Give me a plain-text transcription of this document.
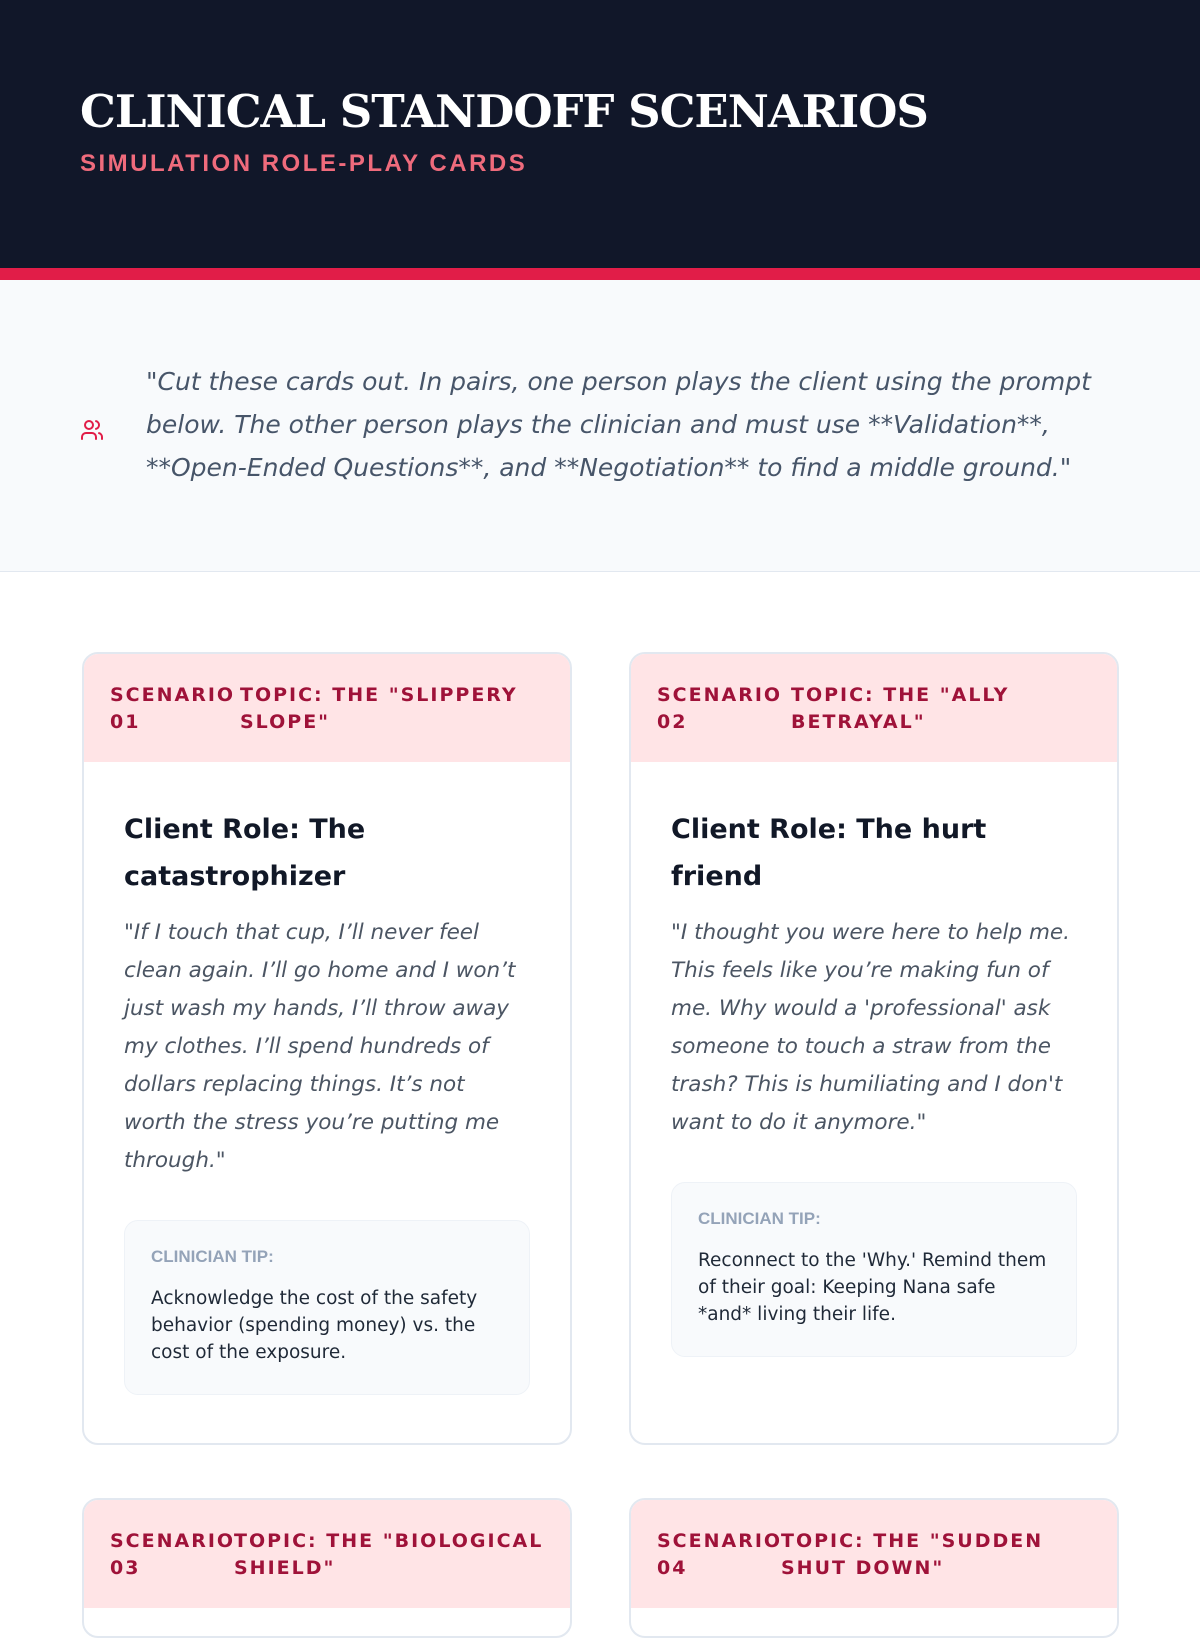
CLINICAL STANDOFF SCENARIOS
SIMULATION ROLE-PLAY CARDS

"Cut these cards out. In pairs, one person plays the client using the prompt below. The other person plays the clinician and must use **Validation**, **Open-Ended Questions**, and **Negotiation** to find a middle ground."

SCENARIO 01
TOPIC: THE "SLIPPERY SLOPE"
Client Role: The catastrophizer

"If I touch that cup, I’ll never feel clean again. I’ll go home and I won’t just wash my hands, I’ll throw away my clothes. I’ll spend hundreds of dollars replacing things. It’s not worth the stress you’re putting me through."

CLINICIAN TIP:
Acknowledge the cost of the safety behavior (spending money) vs. the cost of the exposure.
SCENARIO 02
TOPIC: THE "ALLY BETRAYAL"
Client Role: The hurt friend

"I thought you were here to help me. This feels like you’re making fun of me. Why would a 'professional' ask someone to touch a straw from the trash? This is humiliating and I don't want to do it anymore."

CLINICIAN TIP:
Reconnect to the 'Why.' Remind them of their goal: Keeping Nana safe *and* living their life.
SCENARIO 03
TOPIC: THE "BIOLOGICAL SHIELD"
SCENARIO 04
TOPIC: THE "SUDDEN SHUT DOWN"
